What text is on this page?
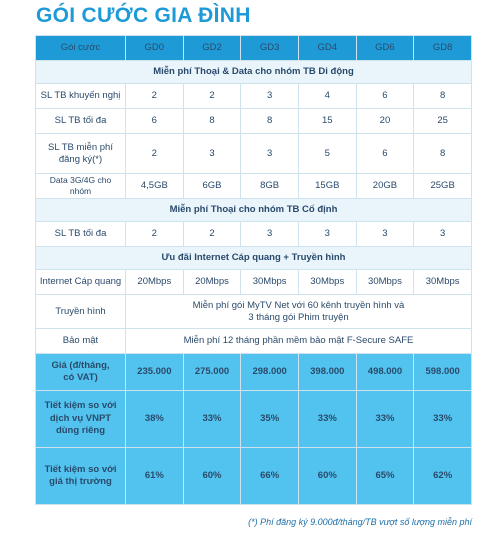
GÓI CƯỚC GIA ĐÌNH
Gói cước	GD0	GD2	GD3	GD4	GD6	GD8
Miễn phí Thoại & Data cho nhóm TB Di động						
SL TB khuyến nghị	2	2	3	4	6	8
SL TB tối đa	6	8	8	15	20	25

SL TB miễn phí
đăng ký(*)	2	3	3	5	6	8
Data 3G/4G cho nhóm	4,5GB	6GB	8GB	15GB	20GB	25GB
Miễn phí Thoại cho nhóm TB Cố định						
SL TB tối đa	2	2	3	3	3	3
Ưu đãi Internet Cáp quang + Truyền hình						
Internet Cáp quang	20Mbps	20Mbps	30Mbps	30Mbps	30Mbps	30Mbps
Truyền hình	Miễn phí gói MyTV Net với 60 kênh truyền hình và
3 tháng gói Phim truyện					

Bảo mật	Miễn phí 12 tháng phần mềm bảo mật F-Secure SAFE					

Giá (đ/tháng,
có VAT)	235.000	275.000	298.000	398.000	498.000	598.000

Tiết kiệm so với
dịch vụ VNPT
dùng riêng	38%	33%	35%	33%	33%	33%

Tiết kiệm so với
giá thị trường	61%	60%	66%	60%	65%	62%
(*) Phí đăng ký 9.000đ/tháng/TB vượt số lượng miễn phí
